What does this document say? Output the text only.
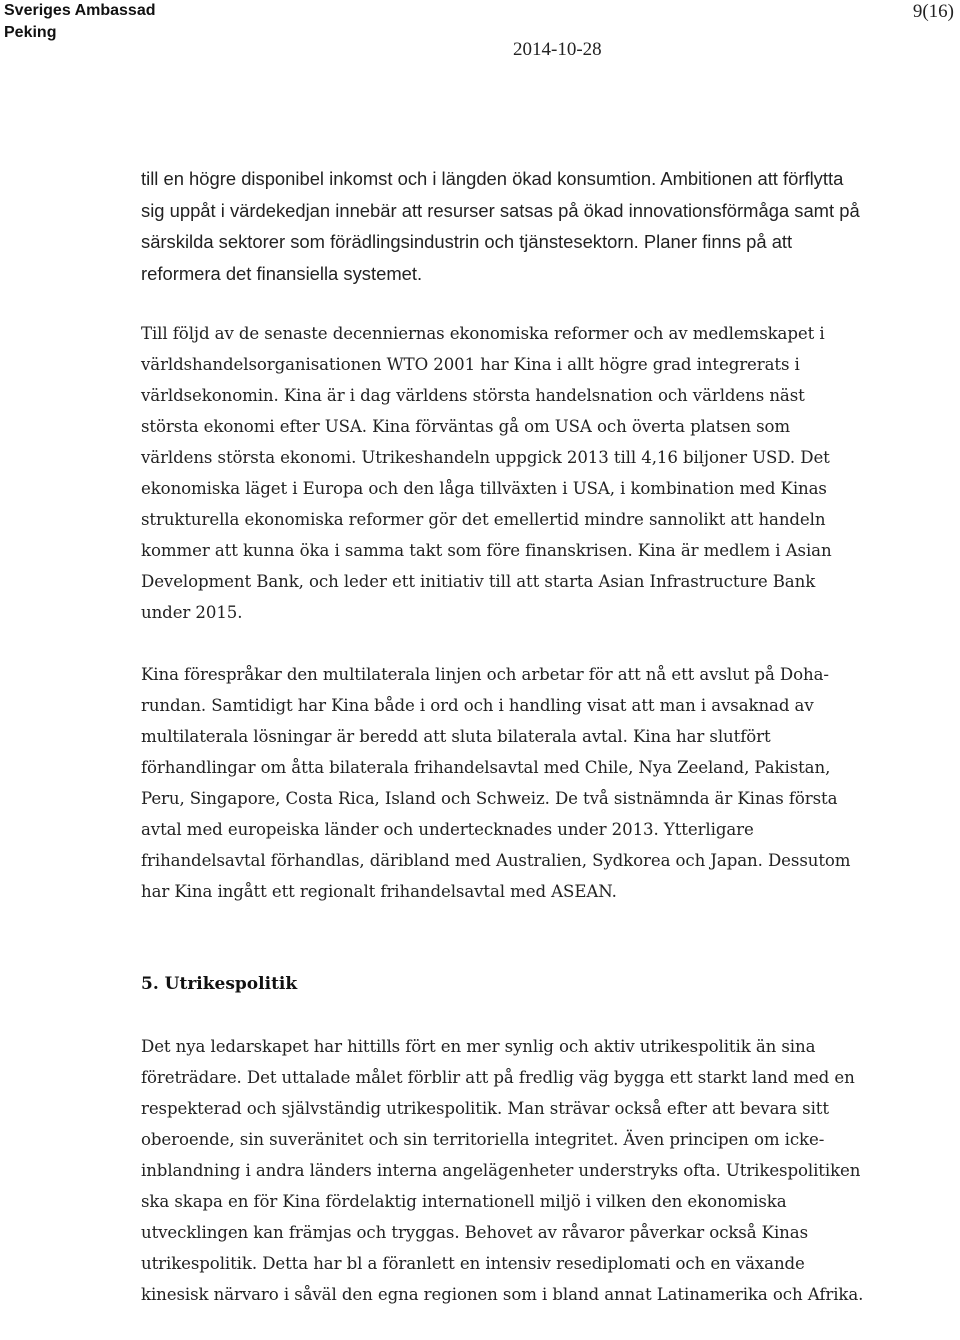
Sveriges Ambassad
Peking
9(16)
2014-10-28

till en högre disponibel inkomst och i längden ökad konsumtion. Ambitionen att förflytta sig uppåt i värdekedjan innebär att resurser satsas på ökad innovationsförmåga samt på särskilda sektorer som förädlingsindustrin och tjänstesektorn. Planer finns på att reformera det finansiella systemet.

Till följd av de senaste decenniernas ekonomiska reformer och av medlemskapet i världshandelsorganisationen WTO 2001 har Kina i allt högre grad integrerats i världsekonomin. Kina är i dag världens största handelsnation och världens näst största ekonomi efter USA. Kina förväntas gå om USA och överta platsen som världens största ekonomi. Utrikeshandeln uppgick 2013 till 4,16 biljoner USD. Det ekonomiska läget i Europa och den låga tillväxten i USA, i kombination med Kinas strukturella ekonomiska reformer gör det emellertid mindre sannolikt att handeln kommer att kunna öka i samma takt som före finanskrisen. Kina är medlem i Asian Development Bank, och leder ett initiativ till att starta Asian Infrastructure Bank under 2015.

Kina förespråkar den multilaterala linjen och arbetar för att nå ett avslut på Doha-rundan. Samtidigt har Kina både i ord och i handling visat att man i avsaknad av multilaterala lösningar är beredd att sluta bilaterala avtal. Kina har slutfört förhandlingar om åtta bilaterala frihandelsavtal med Chile, Nya Zeeland, Pakistan, Peru, Singapore, Costa Rica, Island och Schweiz. De två sistnämnda är Kinas första avtal med europeiska länder och undertecknades under 2013. Ytterligare frihandelsavtal förhandlas, däribland med Australien, Sydkorea och Japan. Dessutom har Kina ingått ett regionalt frihandelsavtal med ASEAN.

5. Utrikespolitik

Det nya ledarskapet har hittills fört en mer synlig och aktiv utrikespolitik än sina företrädare. Det uttalade målet förblir att på fredlig väg bygga ett starkt land med en respekterad och självständig utrikespolitik. Man strävar också efter att bevara sitt oberoende, sin suveränitet och sin territoriella integritet. Även principen om icke-inblandning i andra länders interna angelägenheter understryks ofta. Utrikespolitiken ska skapa en för Kina fördelaktig internationell miljö i vilken den ekonomiska utvecklingen kan främjas och tryggas. Behovet av råvaror påverkar också Kinas utrikespolitik. Detta har bl a föranlett en intensiv resediplomati och en växande kinesisk närvaro i såväl den egna regionen som i bland annat Latinamerika och Afrika.
